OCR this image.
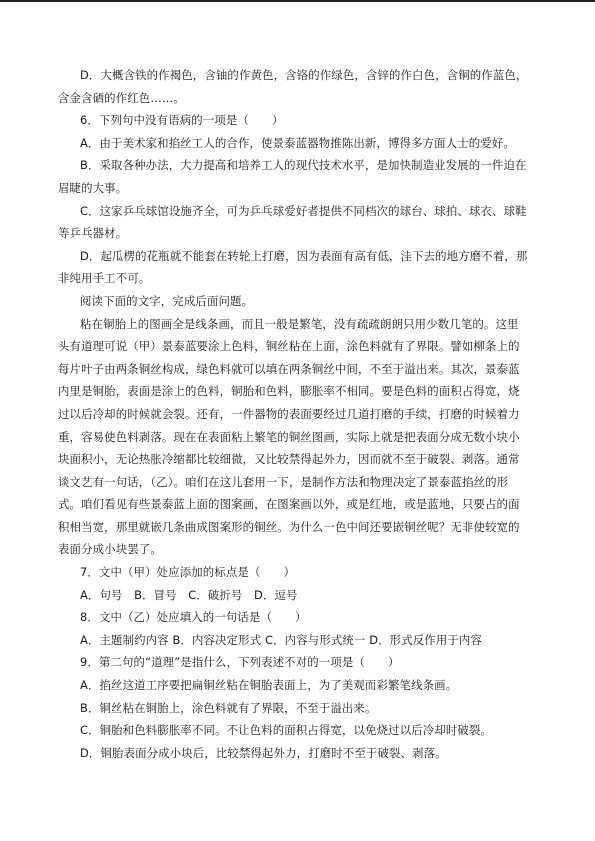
D．大概含铁的作褐色，含铀的作黄色，含铬的作绿色，含锌的作白色，含铜的作蓝色，
含金含硒的作红色……。
6．下列句中没有语病的一项是（　　）
A．由于美术家和掐丝工人的合作，使景泰蓝器物推陈出新，博得多方面人士的爱好。
B．采取各种办法，大力提高和培养工人的现代技术水平，是加快制造业发展的一件迫在
眉睫的大事。
C．这家乒乓球馆设施齐全，可为乒乓球爱好者提供不同档次的球台、球拍、球衣、球鞋
等乒乓器材。
D．起瓜楞的花瓶就不能套在转轮上打磨，因为表面有高有低，洼下去的地方磨不着，那
非纯用手工不可。
阅读下面的文字，完成后面问题。
粘在铜胎上的图画全是线条画，而且一般是繁笔，没有疏疏朗朗只用少数几笔的。这里
头有道理可说（甲）景泰蓝要涂上色料，铜丝粘在上面，涂色料就有了界限。譬如柳条上的
每片叶子由两条铜丝构成，绿色料就可以填在两条铜丝中间，不至于溢出来。其次，景泰蓝
内里是铜胎，表面是涂上的色料，铜胎和色料，膨胀率不相同。要是色料的面积占得宽，烧
过以后冷却的时候就会裂。还有，一件器物的表面要经过几道打磨的手续，打磨的时候着力
重，容易使色料剥落。现在在表面粘上繁笔的铜丝图画，实际上就是把表面分成无数小块小
块面积小，无论热胀冷缩都比较细微，又比较禁得起外力，因而就不至于破裂、剥落。通常
谈文艺有一句话，（乙）。咱们在这儿套用一下，是制作方法和物理决定了景泰蓝掐丝的形
式。咱们看见有些景泰蓝上面的图案画，在图案画以外，或是红地，或是蓝地，只要占的面
积相当宽，那里就嵌几条曲成图案形的铜丝。为什么一色中间还要嵌铜丝呢？无非使较宽的
表面分成小块罢了。
7．文中（甲）处应添加的标点是（　　）
A．句号　B．冒号　C．破折号　D．逗号
8．文中（乙）处应填入的一句话是（　　）
A．主题制约内容 B．内容决定形式 C．内容与形式统一 D．形式反作用于内容
9．第二句的“道理”是指什么，下列表述不对的一项是（　　）
A．掐丝这道工序要把扁铜丝粘在铜胎表面上，为了美观而彩繁笔线条画。
B．铜丝粘在铜胎上，涂色料就有了界限，不至于溢出来。
C．铜胎和色料膨胀率不同。不让色料的面积占得宽，以免烧过以后冷却时破裂。
D．铜胎表面分成小块后，比较禁得起外力，打磨时不至于破裂、剥落。
